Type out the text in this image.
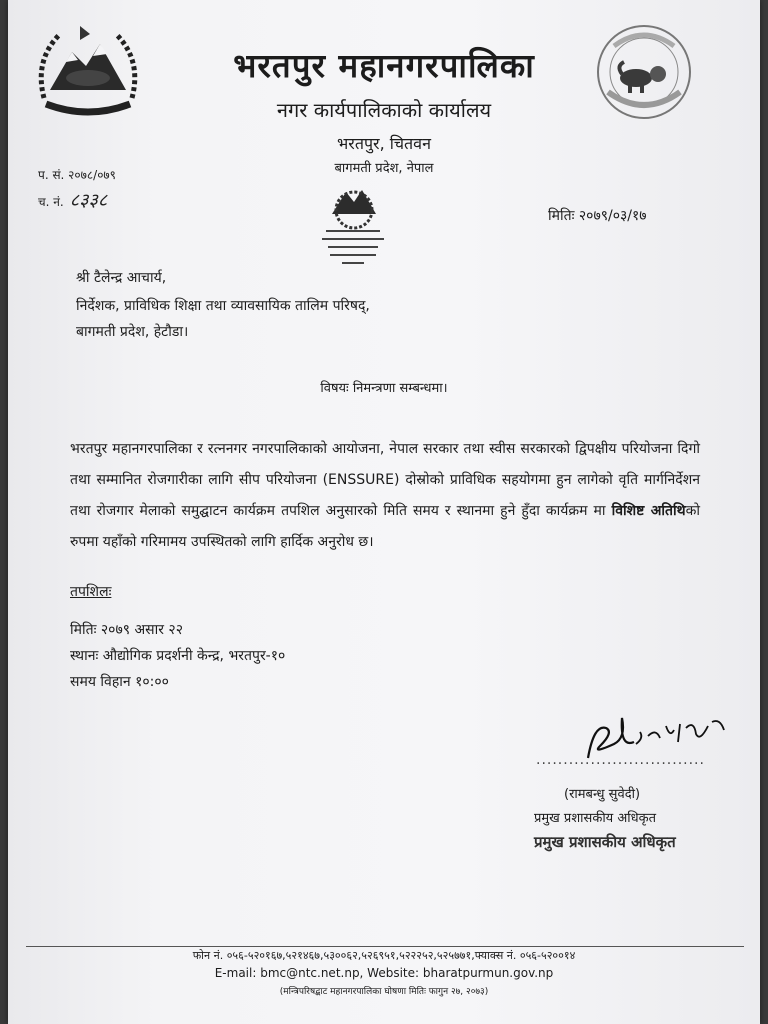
भरतपुर महानगरपालिका
नगर कार्यपालिकाको कार्यालय
भरतपुर, चितवन
बागमती प्रदेश, नेपाल
प. सं. २०७८/०७९
च. नं. ८३३८
मितिः २०७९/०३/१७
श्री टैलेन्द्र आचार्य,
निर्देशक, प्राविधिक शिक्षा तथा व्यावसायिक तालिम परिषद्,
बागमती प्रदेश, हेटौडा।
विषयः निमन्त्रणा सम्बन्धमा।
भरतपुर महानगरपालिका र रत्ननगर नगरपालिकाको आयोजना, नेपाल सरकार तथा स्वीस सरकारको द्विपक्षीय परियोजना दिगो तथा सम्मानित रोजगारीका लागि सीप परियोजना (ENSSURE) दोस्रोको प्राविधिक सहयोगमा हुन लागेको वृति मार्गनिर्देशन तथा रोजगार मेलाको समुद्घाटन कार्यक्रम तपशिल अनुसारको मिति समय र स्थानमा हुने हुँदा कार्यक्रम मा विशिष्ट अतिथिको रुपमा यहाँको गरिमामय उपस्थितको लागि हार्दिक अनुरोध छ।
तपशिलः
मितिः २०७९ असार २२
स्थानः औद्योगिक प्रदर्शनी केन्द्र, भरतपुर-१०
समय विहान १०:००
...............................
(रामबन्धु सुवेदी)
प्रमुख प्रशासकीय अधिकृत
प्रमुख प्रशासकीय अधिकृत
फोन नं. ०५६-५२०१६७,५२१४६७,५३००६२,५२६९५१,५२२२५२,५२५७७१,फ्याक्स नं. ०५६-५२००१४
E-mail: bmc@ntc.net.np, Website: bharatpurmun.gov.np
(मन्त्रिपरिषद्बाट महानगरपालिका घोषणा मितिः फागुन २७, २०७३)
